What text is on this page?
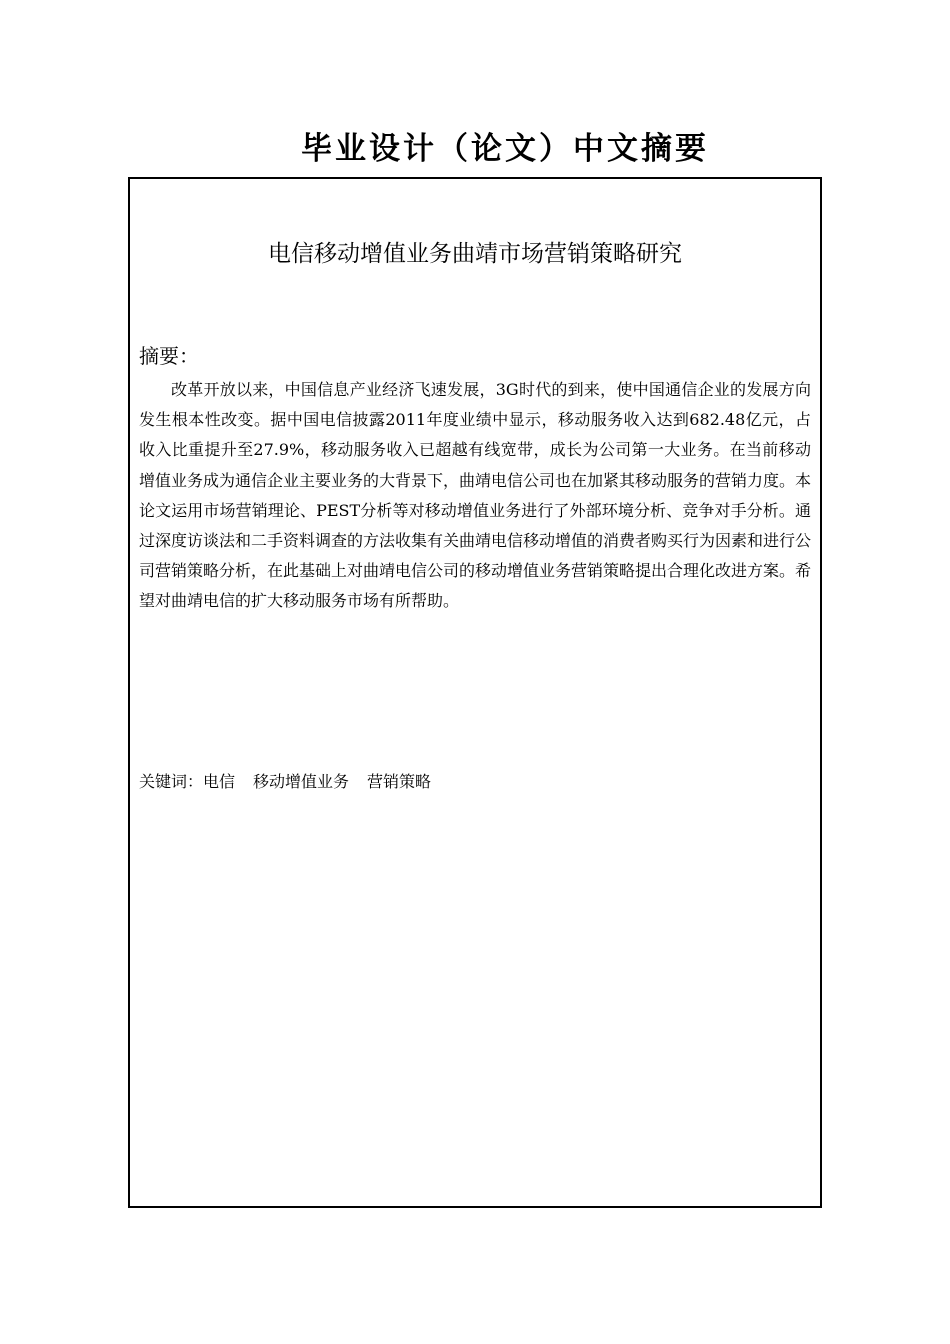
毕业设计（论文）中文摘要
电信移动增值业务曲靖市场营销策略研究
摘要：
改革开放以来，中国信息产业经济飞速发展，3G时代的到来，使中国通信企业的发展方向发生根本性改变。据中国电信披露2011年度业绩中显示，移动服务收入达到682.48亿元，占收入比重提升至27.9%，移动服务收入已超越有线宽带，成长为公司第一大业务。在当前移动增值业务成为通信企业主要业务的大背景下，曲靖电信公司也在加紧其移动服务的营销力度。本论文运用市场营销理论、PEST分析等对移动增值业务进行了外部环境分析、竞争对手分析。通过深度访谈法和二手资料调查的方法收集有关曲靖电信移动增值的消费者购买行为因素和进行公司营销策略分析，在此基础上对曲靖电信公司的移动增值业务营销策略提出合理化改进方案。希望对曲靖电信的扩大移动服务市场有所帮助。
关键词：电信 移动增值业务 营销策略
